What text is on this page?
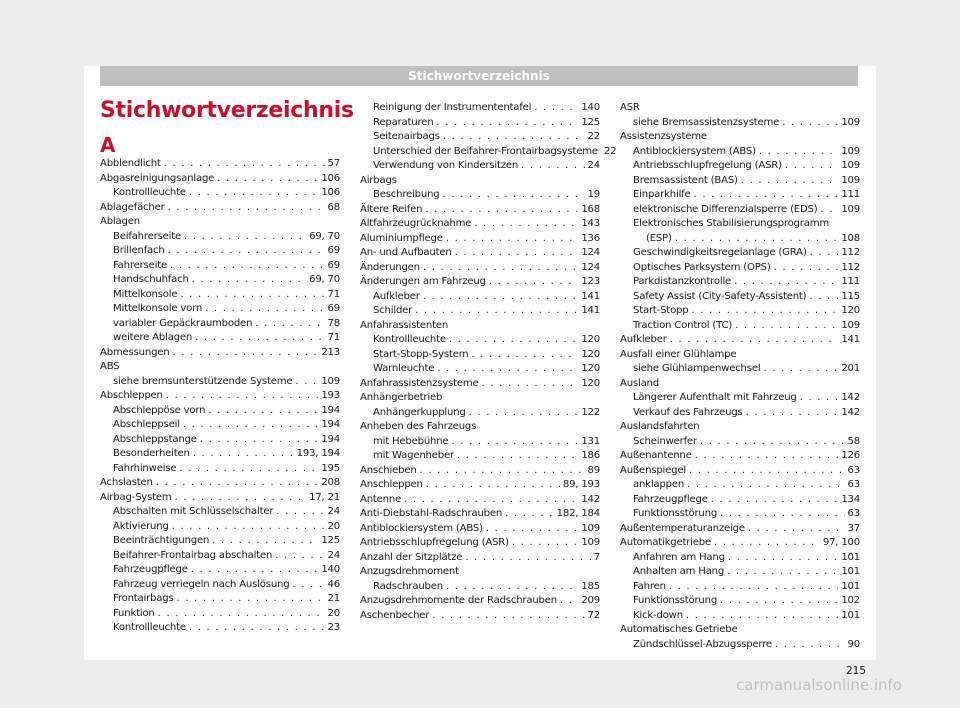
Stichwortverzeichnis
Stichwortverzeichnis
A
Abblendlicht . . .	57
Abgasreinigungsanlage . . .	106
Kontrollleuchte . . .	106
Ablagefächer . . .	68
Ablagen
Beifahrerseite . . .	69, 70
Brillenfach . . .	69
Fahrerseite . . .	69
Handschuhfach . . .	69, 70
Mittelkonsole . . .	71
Mittelkonsole vorn . . .	69
variabler Gepäckraumboden . . .	78
weitere Ablagen . . .	71
Abmessungen . . .	213
ABS
siehe bremsunterstützende Systeme . . .	109
Abschleppen . . .	193
Abschleppöse vorn . . .	194
Abschleppseil . . .	194
Abschleppstange . . .	194
Besonderheiten . . .	193, 194
Fahrhinweise . . .	195
Achslasten . . .	208
Airbag-System . . .	17, 21
Abschalten mit Schlüsselschalter . . .	24
Aktivierung . . .	20
Beeinträchtigungen . . .	125
Beifahrer-Frontairbag abschalten . . .	24
Fahrzeugpflege . . .	140
Fahrzeug verriegeln nach Auslösung . . .	46
Frontairbags . . .	21
Funktion . . .	20
Kontrollleuchte . . .	23
Reinigung der Instrumententafel . . .	140
Reparaturen . . .	125
Seitenairbags . . .	22
Unterschied der Beifahrer-Frontairbagsysteme 22
Verwendung von Kindersitzen . . .	24
Airbags
Beschreibung . . .	19
Ältere Reifen . . .	168
Altfahrzeugrücknahme . . .	143
Aluminiumpflege . . .	136
An- und Aufbauten . . .	124
Änderungen . . .	124
Änderungen am Fahrzeug . . .	123
Aufkleber . . .	141
Schilder . . .	141
Anfahrassistenten
Kontrollleuchte . . .	120
Start-Stopp-System . . .	120
Warnleuchte . . .	120
Anfahrassistenzsysteme . . .	120
Anhängerbetrieb
Anhängerkupplung . . .	122
Anheben des Fahrzeugs
mit Hebebühne . . .	131
mit Wagenheber . . .	186
Anschieben . . .	89
Anschleppen . . .	89, 193
Antenne . . .	142
Anti-Diebstahl-Radschrauben . . .	182, 184
Antiblockiersystem (ABS) . . .	109
Antriebsschlupfregelung (ASR) . . .	109
Anzahl der Sitzplätze . . .	7
Anzugsdrehmoment
Radschrauben . . .	185
Anzugsdrehmomente der Radschrauben . . . 209
Aschenbecher . . .	72
ASR
siehe Bremsassistenzsysteme . . .	109
Assistenzsysteme
Antiblockiersystem (ABS) . . .	109
Antriebsschlupfregelung (ASR) . . .	109
Bremsassistent (BAS) . . .	109
Einparkhilfe . . .	111
elektronische Differenzialsperre (EDS) . . . 109
Elektronisches Stabilisierungsprogramm
(ESP) . . .	108
Geschwindigkeitsregelanlage (GRA) . . .	112
Optisches Parksystem (OPS) . . .	112
Parkdistanzkontrolle . . .	111
Safety Assist (City-Safety-Assistent) . . .	115
Start-Stopp . . .	120
Traction Control (TC) . . .	109
Aufkleber . . .	141
Ausfall einer Glühlampe
siehe Glühlampenwechsel . . .	201
Ausland
Längerer Aufenthalt mit Fahrzeug . . .	142
Verkauf des Fahrzeugs . . .	142
Auslandsfahrten
Scheinwerfer . . .	58
Außenantenne . . .	126
Außenspiegel . . .	63
anklappen . . .	63
Fahrzeugpflege . . .	134
Funktionsstörung . . .	63
Außentemperaturanzeige . . .	37
Automatikgetriebe . . .	97, 100
Anfahren am Hang . . .	101
Anhalten am Hang . . .	101
Fahren . . .	101
Funktionsstörung . . .	102
Kick-down . . .	101
Automatisches Getriebe
Zündschlüssel-Abzugssperre . . .	90
215
carmanualsonline.info
